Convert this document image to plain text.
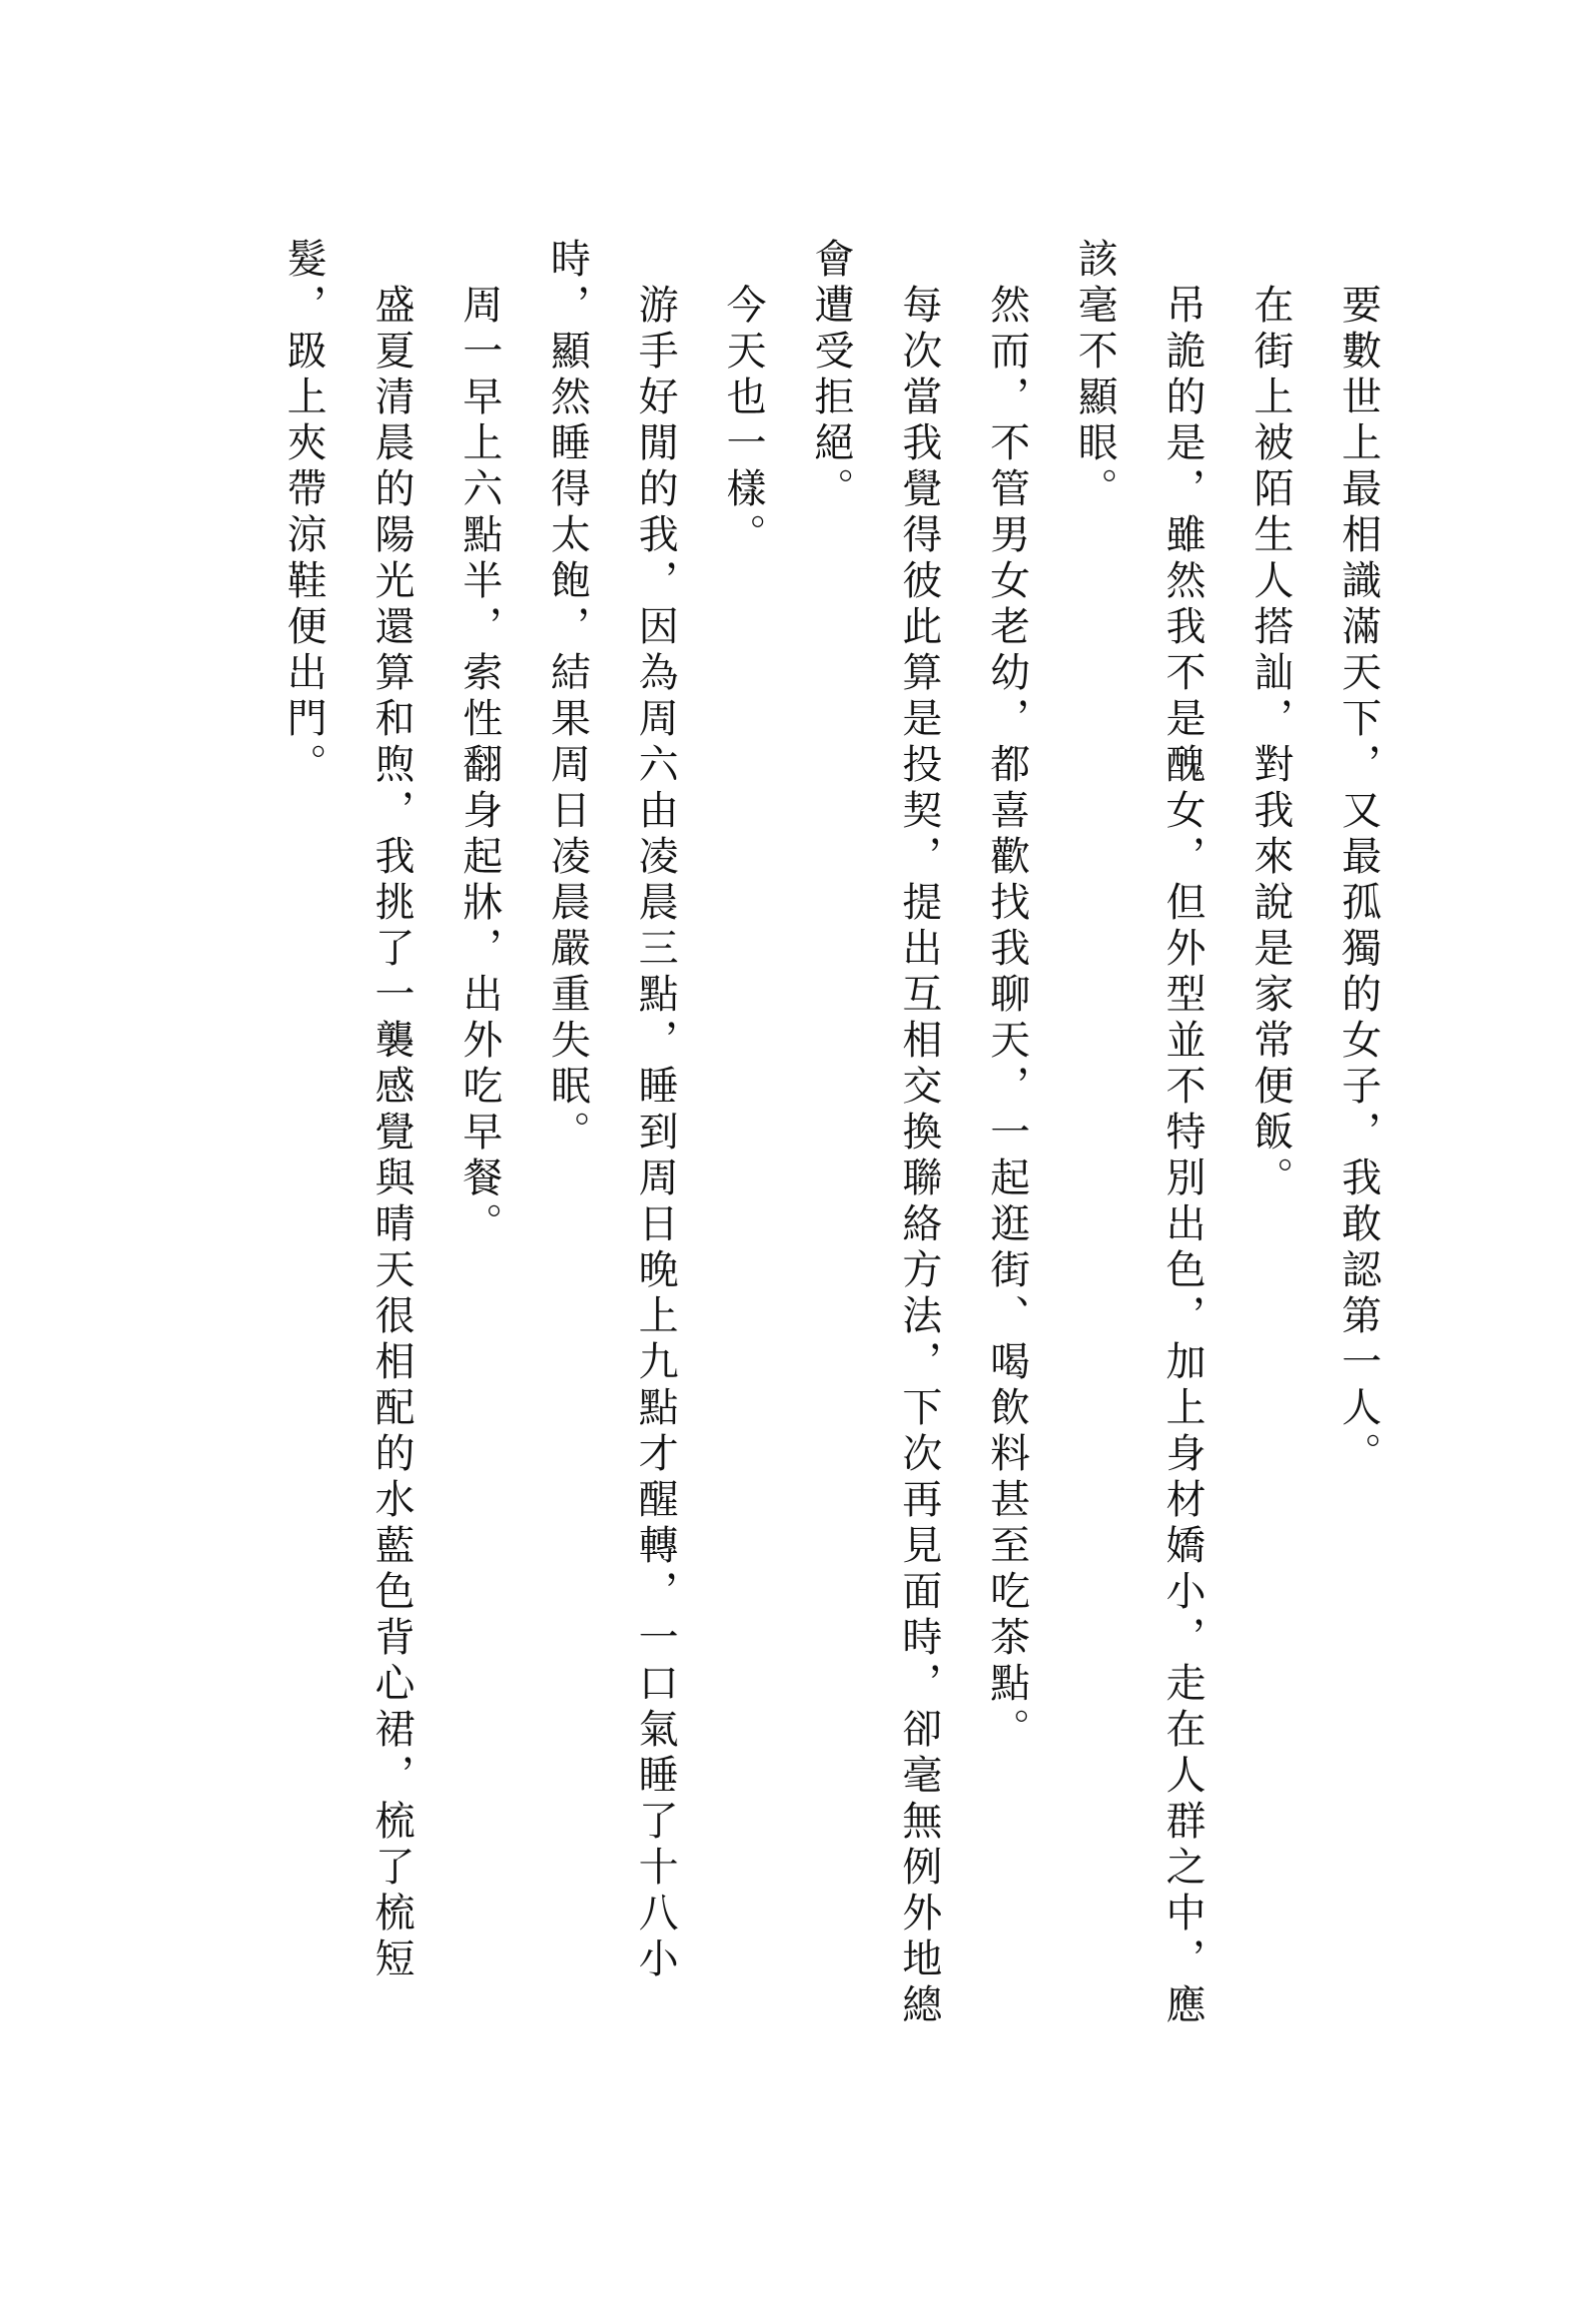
　要數世上最相識滿天下，又最孤獨的女子，我敢認第一人。

　在街上被陌生人搭訕，對我來說是家常便飯。

　吊詭的是，雖然我不是醜女，但外型並不特別出色，加上身材嬌小，走在人群之中，應該毫不顯眼。

　然而，不管男女老幼，都喜歡找我聊天，一起逛街、喝飲料甚至吃茶點。

　每次當我覺得彼此算是投契，提出互相交換聯絡方法，下次再見面時，卻毫無例外地總會遭受拒絕。

　今天也一樣。

　游手好閒的我，因為周六由凌晨三點，睡到周日晚上九點才醒轉，一口氣睡了十八小時，顯然睡得太飽，結果周日凌晨嚴重失眠。

　周一早上六點半，索性翻身起牀，出外吃早餐。

　盛夏清晨的陽光還算和煦，我挑了一襲感覺與晴天很相配的水藍色背心裙，梳了梳短髮，趿上夾帶涼鞋便出門。
